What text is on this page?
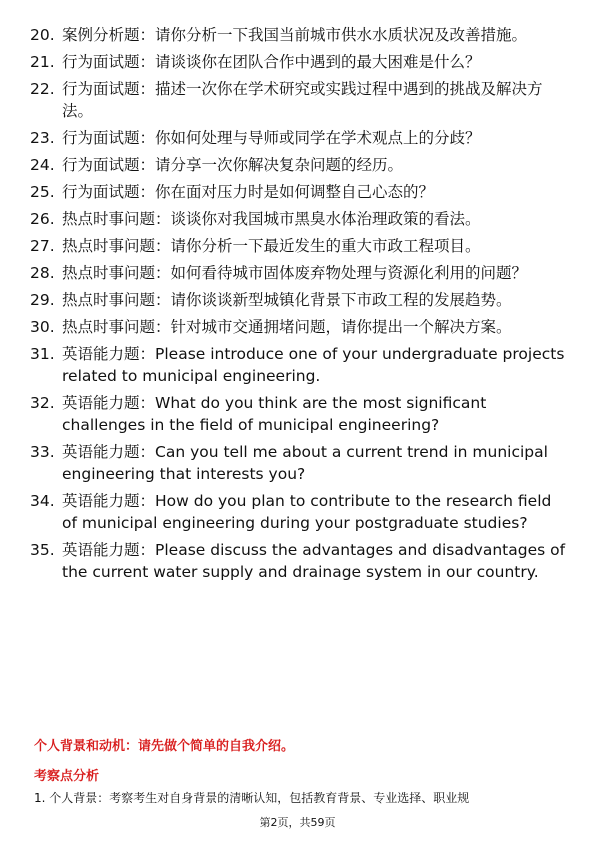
20. 案例分析题：请你分析一下我国当前城市供水水质状况及改善措施。
21. 行为面试题：请谈谈你在团队合作中遇到的最大困难是什么？
22. 行为面试题：描述一次你在学术研究或实践过程中遇到的挑战及解决方法。
23. 行为面试题：你如何处理与导师或同学在学术观点上的分歧？
24. 行为面试题：请分享一次你解决复杂问题的经历。
25. 行为面试题：你在面对压力时是如何调整自己心态的？
26. 热点时事问题：谈谈你对我国城市黑臭水体治理政策的看法。
27. 热点时事问题：请你分析一下最近发生的重大市政工程项目。
28. 热点时事问题：如何看待城市固体废弃物处理与资源化利用的问题？
29. 热点时事问题：请你谈谈新型城镇化背景下市政工程的发展趋势。
30. 热点时事问题：针对城市交通拥堵问题，请你提出一个解决方案。
31. 英语能力题：Please introduce one of your undergraduate projects related to municipal engineering.
32. 英语能力题：What do you think are the most significant challenges in the field of municipal engineering?
33. 英语能力题：Can you tell me about a current trend in municipal engineering that interests you?
34. 英语能力题：How do you plan to contribute to the research field of municipal engineering during your postgraduate studies?
35. 英语能力题：Please discuss the advantages and disadvantages of the current water supply and drainage system in our country.
个人背景和动机：请先做个简单的自我介绍。
考察点分析
1. 个人背景：考察考生对自身背景的清晰认知，包括教育背景、专业选择、职业规
第2页，共59页
